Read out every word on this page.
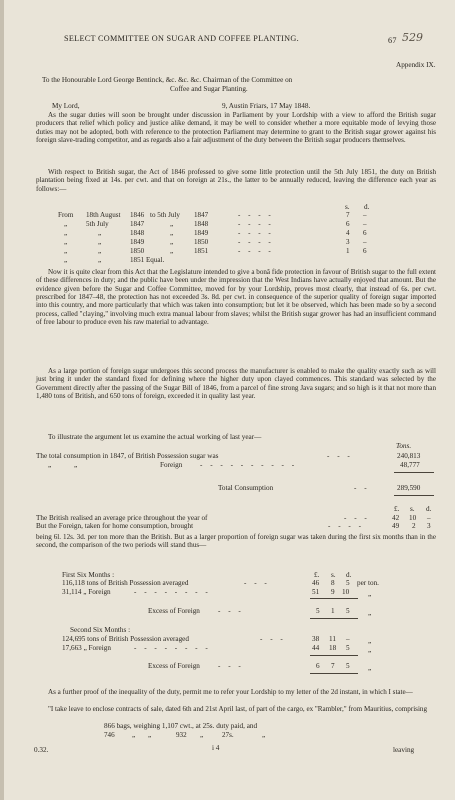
SELECT COMMITTEE ON SUGAR AND COFFEE PLANTING.	67 529
Appendix IX.
To the Honourable Lord George Bentinck, &c. &c. &c. Chairman of the Committee on
Coffee and Sugar Planting.
My Lord,	9, Austin Friars, 17 May 1848.
As the sugar duties will soon be brought under discussion in Parliament by your Lordship with a view to afford the British sugar producers that relief which policy and justice alike demand, it may be well to consider whether a more equitable mode of levying those duties may not be adopted, both with reference to the protection Parliament may determine to grant to the British sugar grower against his foreign slave-trading competitor, and as regards also a fair adjustment of the duty between the British sugar producers themselves.
With respect to British sugar, the Act of 1846 professed to give some little protection until the 5th July 1851, the duty on British plantation being fixed at 14s. per cwt. and that on foreign at 21s., the latter to be annually reduced, leaving the difference each year as follows:—
s. d.
From 18th August 1846 to 5th July 1847	- - - -	7 –
„	5th July	1847	„	1848	- - - -	6 –
„	„	1848	„	1849	- - - -	4 6
„	„	1849	„	1850	- - - -	3 –
„	„	1850	„	1851	- - - -	1 6
„	„	1851 Equal.
Now it is quite clear from this Act that the Legislature intended to give a bonâ fide protection in favour of British sugar to the full extent of these differences in duty; and the public have been under the impression that the West Indians have actually enjoyed that amount. But the evidence given before the Sugar and Coffee Committee, moved for by your Lordship, proves most clearly, that instead of 6s. per cwt. prescribed for 1847–48, the protection has not exceeded 3s. 8d. per cwt. in consequence of the superior quality of foreign sugar imported into this country, and more particularly that which was taken into consumption; but let it be observed, which has been made so by a second process, called "claying," involving much extra manual labour from slaves; whilst the British sugar grower has had an insufficient command of free labour to produce even his raw material to advantage.
As a large portion of foreign sugar undergoes this second process the manufacturer is enabled to make the quality exactly such as will just bring it under the standard fixed for defining where the higher duty upon clayed commences. This standard was selected by the Government directly after the passing of the Sugar Bill of 1846, from a parcel of fine strong Java sugars; and so high is it that not more than 1,480 tons of British, and 650 tons of foreign, exceeded it in quality last year.
To illustrate the argument let us examine the actual working of last year—
Tons.
The total consumption in 1847, of British Possession sugar was	- - -	240,813
„	„	Foreign - - - - - - - - - -	48,777
Total Consumption	- -	289,590
£. s. d.
The British realised an average price throughout the year of	- - -	42 10 –
But the Foreign, taken for home consumption, brought	- - - -	49 2 3
being 6l. 12s. 3d. per ton more than the British. But as a larger proportion of foreign sugar was taken during the first six months than in the second, the comparison of the two periods will stand thus—
First Six Months :	£. s. d.
116,118 tons of British Possession averaged	- - -	46 8 5 per ton.
31,114 „ Foreign	- - - - - - - -	51 9 10	„
Excess of Foreign	- - -	5 1 5	„
Second Six Months :
124,695 tons of British Possession averaged	- - -	38 11 –	„
17,663 „ Foreign	- - - - - - - -	44 18 5	„
Excess of Foreign	- - -	6 7 5	„
As a further proof of the inequality of the duty, permit me to refer your Lordship to my letter of the 2d instant, in which I state—
"I take leave to enclose contracts of sale, dated 6th and 21st April last, of part of the cargo, ex "Rambler," from Mauritius, comprising
866 bags, weighing 1,107 cwt., at 25s. duty paid, and
746 „ „	932 „	27s.	„
0.32.	i 4	leaving
